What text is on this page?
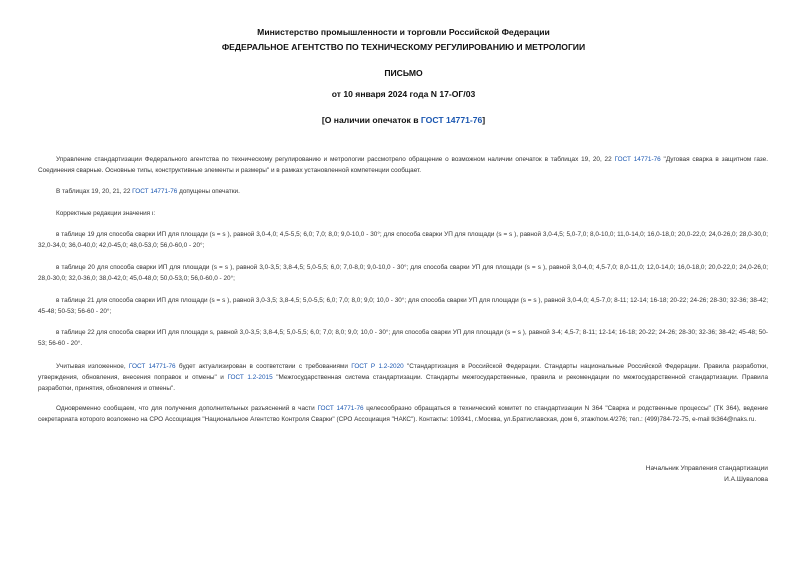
Министерство промышленности и торговли Российской Федерации
ФЕДЕРАЛЬНОЕ АГЕНТСТВО ПО ТЕХНИЧЕСКОМУ РЕГУЛИРОВАНИЮ И МЕТРОЛОГИИ
ПИСЬМО
от 10 января 2024 года N 17-ОГ/03
[О наличии опечаток в ГОСТ 14771-76]
Управление стандартизации Федерального агентства по техническому регулированию и метрологии рассмотрело обращение о возможном наличии опечаток в таблицах 19, 20, 22 ГОСТ 14771-76 "Дуговая сварка в защитном газе. Соединения сварные. Основные типы, конструктивные элементы и размеры" и в рамках установленной компетенции сообщает.
В таблицах 19, 20, 21, 22 ГОСТ 14771-76 допущены опечатки.
Корректные редакции значения ι:
в таблице 19 для способа сварки ИП для площади (s = s ), равной 3,0-4,0; 4,5-5,5; 6,0; 7,0; 8,0; 9,0-10,0 - 30°; для способа сварки УП для площади (s = s ), равной 3,0-4,5; 5,0-7,0; 8,0-10,0; 11,0-14,0; 16,0-18,0; 20,0-22,0; 24,0-26,0; 28,0-30,0; 32,0-34,0; 36,0-40,0; 42,0-45,0; 48,0-53,0; 56,0-60,0 - 20°;
в таблице 20 для способа сварки ИП для площади (s = s ), равной 3,0-3,5; 3,8-4,5; 5,0-5,5; 6,0; 7,0-8,0; 9,0-10,0 - 30°; для способа сварки УП для площади (s = s ), равной 3,0-4,0; 4,5-7,0; 8,0-11,0; 12,0-14,0; 16,0-18,0; 20,0-22,0; 24,0-26,0; 28,0-30,0; 32,0-36,0; 38,0-42,0; 45,0-48,0; 50,0-53,0; 56,0-60,0 - 20°;
в таблице 21 для способа сварки ИП для площади (s = s ), равной 3,0-3,5; 3,8-4,5; 5,0-5,5; 6,0; 7,0; 8,0; 9,0; 10,0 - 30°; для способа сварки УП для площади (s = s ), равной 3,0-4,0; 4,5-7,0; 8-11; 12-14; 16-18; 20-22; 24-26; 28-30; 32-36; 38-42; 45-48; 50-53; 56-60 - 20°;
в таблице 22 для способа сварки ИП для площади s, равной 3,0-3,5; 3,8-4,5; 5,0-5,5; 6,0; 7,0; 8,0; 9,0; 10,0 - 30°; для способа сварки УП для площади (s = s ), равной 3-4; 4,5-7; 8-11; 12-14; 16-18; 20-22; 24-26; 28-30; 32-36; 38-42; 45-48; 50-53; 56-60 - 20°.
Учитывая изложенное, ГОСТ 14771-76 будет актуализирован в соответствии с требованиями ГОСТ Р 1.2-2020 "Стандартизация в Российской Федерации. Стандарты национальные Российской Федерации. Правила разработки, утверждения, обновления, внесения поправок и отмены" и ГОСТ 1.2-2015 "Межгосударственная система стандартизации. Стандарты межгосударственные, правила и рекомендации по межгосударственной стандартизации. Правила разработки, принятия, обновления и отмены".
Одновременно сообщаем, что для получения дополнительных разъяснений в части ГОСТ 14771-76 целесообразно обращаться в технический комитет по стандартизации N 364 "Сварка и родственные процессы" (ТК 364), ведение секретариата которого возложено на СРО Ассоциация "Национальное Агентство Контроля Сварки" (СРО Ассоциация "НАКС"). Контакты: 109341, г.Москва, ул.Братиславская, дом 6, этаж/пом.4/276; тел.: (499)784-72-75, e-mail tk364@naks.ru.
Начальник Управления стандартизации
И.А.Шувалова
